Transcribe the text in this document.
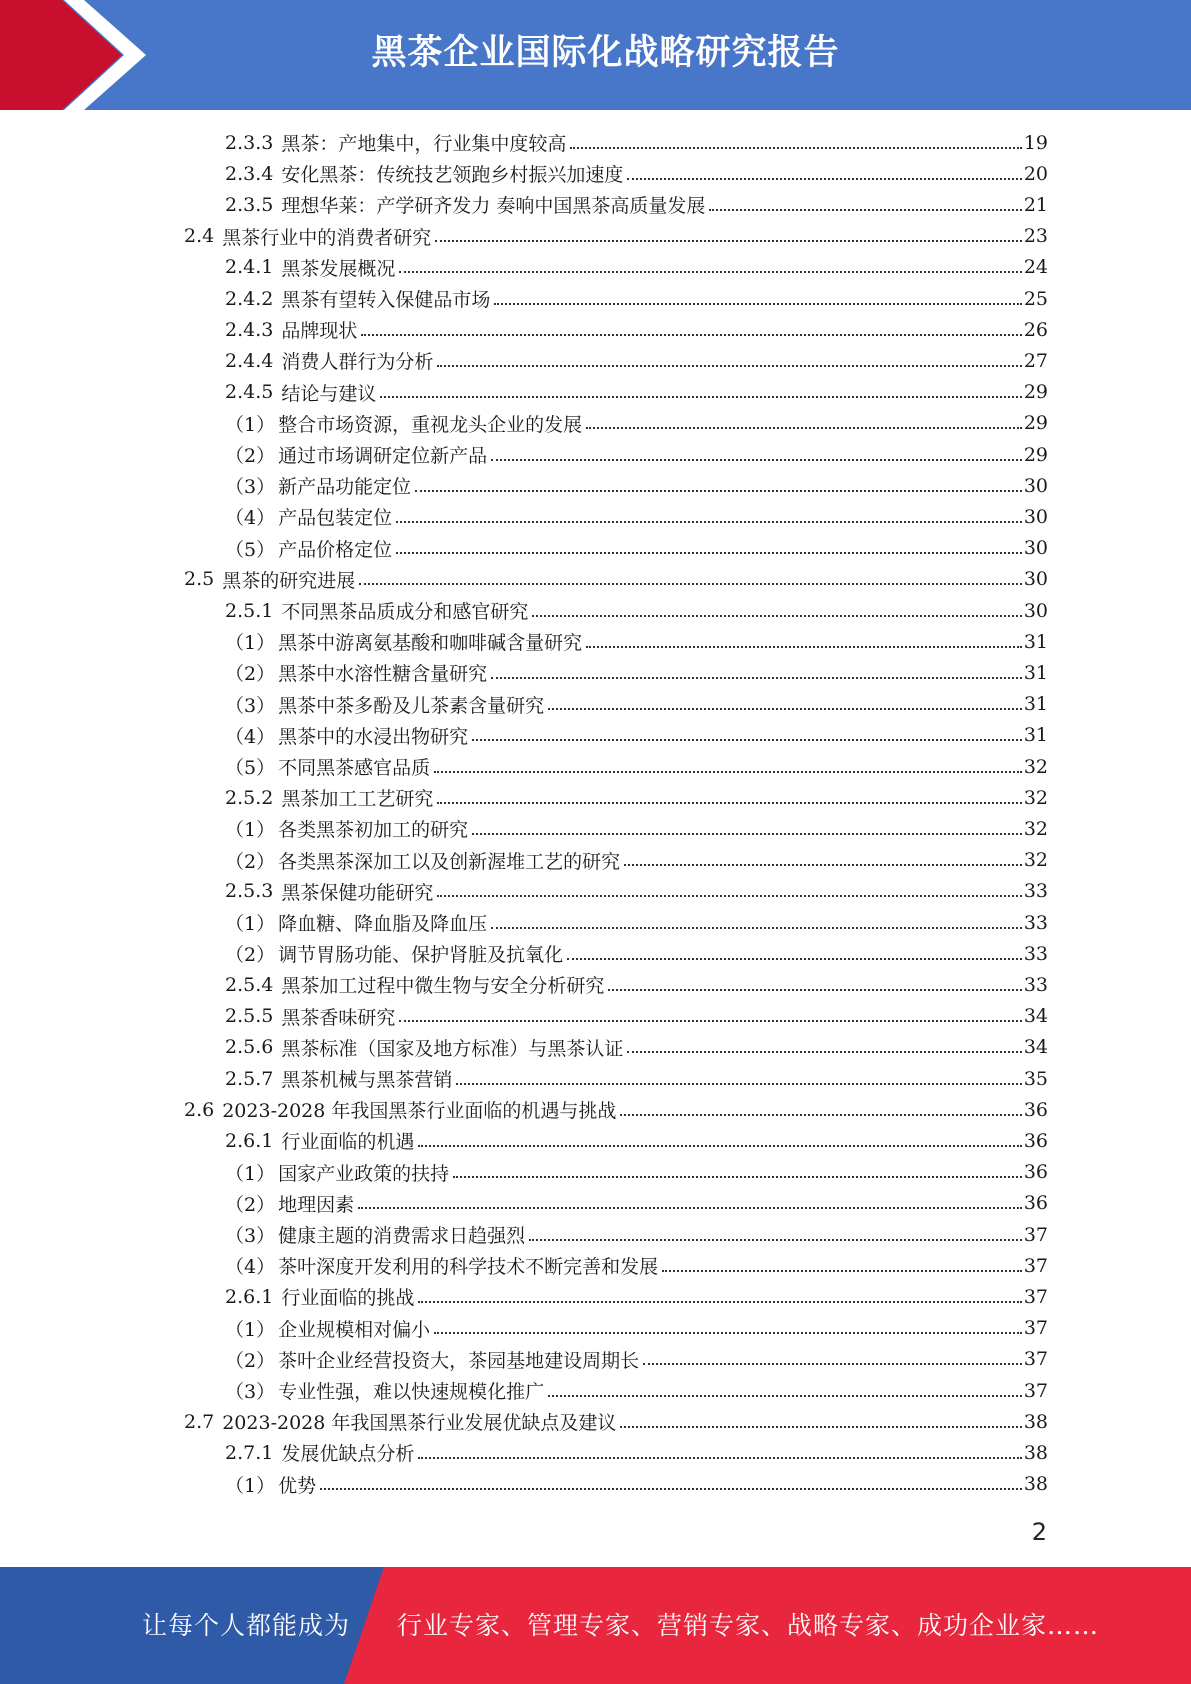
黑茶企业国际化战略研究报告
2.3.3 黑茶：产地集中，行业集中度较高	19
2.3.4 安化黑茶：传统技艺领跑乡村振兴加速度	20
2.3.5 理想华莱：产学研齐发力 奏响中国黑茶高质量发展	21
2.4 黑茶行业中的消费者研究	23
2.4.1 黑茶发展概况	24
2.4.2 黑茶有望转入保健品市场	25
2.4.3 品牌现状	26
2.4.4 消费人群行为分析	27
2.4.5 结论与建议	29
（1） 整合市场资源，重视龙头企业的发展	29
（2） 通过市场调研定位新产品	29
（3） 新产品功能定位	30
（4） 产品包装定位	30
（5） 产品价格定位	30
2.5 黑茶的研究进展	30
2.5.1 不同黑茶品质成分和感官研究	30
（1） 黑茶中游离氨基酸和咖啡碱含量研究	31
（2） 黑茶中水溶性糖含量研究	31
（3） 黑茶中茶多酚及儿茶素含量研究	31
（4） 黑茶中的水浸出物研究	31
（5） 不同黑茶感官品质	32
2.5.2 黑茶加工工艺研究	32
（1） 各类黑茶初加工的研究	32
（2） 各类黑茶深加工以及创新渥堆工艺的研究	32
2.5.3 黑茶保健功能研究	33
（1） 降血糖、降血脂及降血压	33
（2） 调节胃肠功能、保护肾脏及抗氧化	33
2.5.4 黑茶加工过程中微生物与安全分析研究	33
2.5.5 黑茶香味研究	34
2.5.6 黑茶标准（国家及地方标准）与黑茶认证	34
2.5.7 黑茶机械与黑茶营销	35
2.6 2023-2028 年我国黑茶行业面临的机遇与挑战	36
2.6.1 行业面临的机遇	36
（1） 国家产业政策的扶持	36
（2） 地理因素	36
（3） 健康主题的消费需求日趋强烈	37
（4） 茶叶深度开发利用的科学技术不断完善和发展	37
2.6.1 行业面临的挑战	37
（1） 企业规模相对偏小	37
（2） 茶叶企业经营投资大，茶园基地建设周期长	37
（3） 专业性强，难以快速规模化推广	37
2.7 2023-2028 年我国黑茶行业发展优缺点及建议	38
2.7.1 发展优缺点分析	38
（1） 优势	38
2
让每个人都能成为 行业专家、管理专家、营销专家、战略专家、成功企业家……
